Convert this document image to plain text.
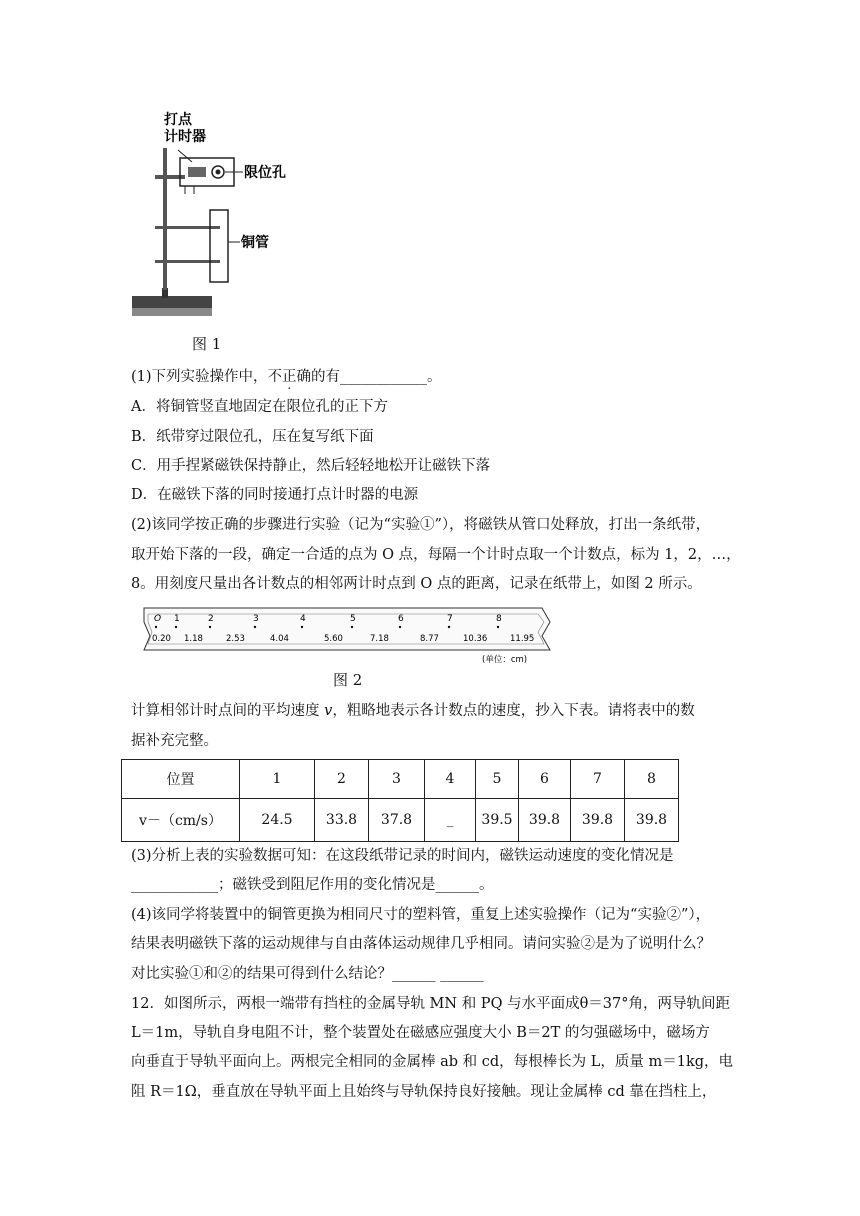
打点
计时器
限位孔
铜管
图 1
(1)下列实验操作中，不正确的有____________。
A．将铜管竖直地固定在限位孔的正下方
B．纸带穿过限位孔，压在复写纸下面
C．用手捏紧磁铁保持静止，然后轻轻地松开让磁铁下落
D．在磁铁下落的同时接通打点计时器的电源
(2)该同学按正确的步骤进行实验（记为“实验①”），将磁铁从管口处释放，打出一条纸带，
取开始下落的一段，确定一合适的点为 O 点，每隔一个计时点取一个计数点，标为 1，2，…，
8。用刻度尺量出各计数点的相邻两计时点到 O 点的距离，记录在纸带上，如图 2 所示。
O 1	2	3	4	5	6	7	8
0.20 1.18	2.53	4.04	5.60	7.18	8.77	10.36	11.95
(单位：cm)
图 2
计算相邻计时点间的平均速度 v，粗略地表示各计数点的速度，抄入下表。请将表中的数
据补充完整。
位置	1	2	3	4	5	6	7	8
v－（cm/s）	24.5	33.8	37.8	_	39.5	39.8	39.8	39.8
(3)分析上表的实验数据可知：在这段纸带记录的时间内，磁铁运动速度的变化情况是
____________；磁铁受到阻尼作用的变化情况是______。
(4)该同学将装置中的铜管更换为相同尺寸的塑料管，重复上述实验操作（记为“实验②”），
结果表明磁铁下落的运动规律与自由落体运动规律几乎相同。请问实验②是为了说明什么？
对比实验①和②的结果可得到什么结论？______ ______
12．如图所示，两根一端带有挡柱的金属导轨 MN 和 PQ 与水平面成θ＝37°角，两导轨间距
L＝1m，导轨自身电阻不计，整个装置处在磁感应强度大小 B＝2T 的匀强磁场中，磁场方
向垂直于导轨平面向上。两根完全相同的金属棒 ab 和 cd，每根棒长为 L，质量 m＝1kg，电
阻 R＝1Ω，垂直放在导轨平面上且始终与导轨保持良好接触。现让金属棒 cd 靠在挡柱上，
